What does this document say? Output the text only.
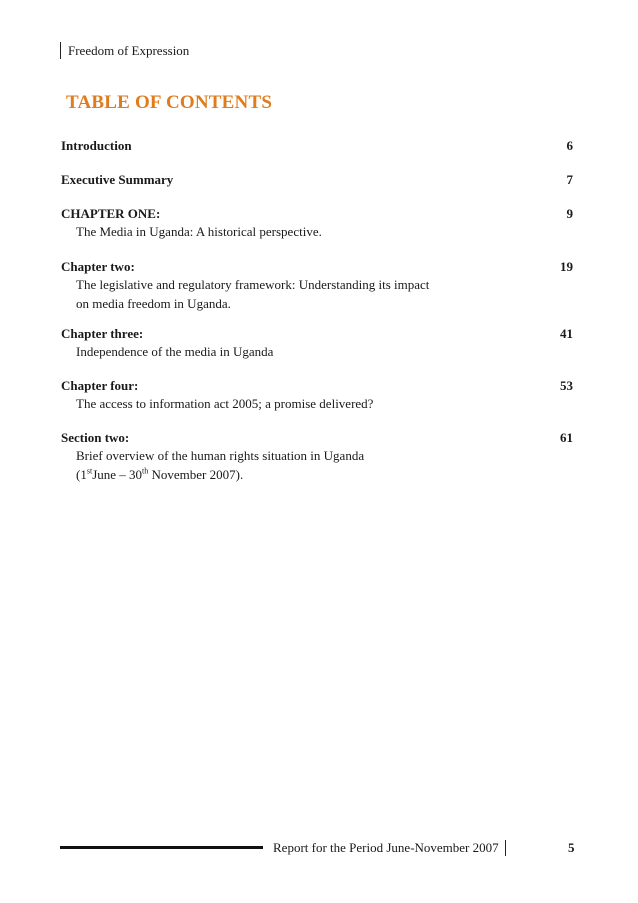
Freedom of Expression
TABLE OF CONTENTS
Introduction	6
Executive Summary	7
CHAPTER ONE:	9
The Media in Uganda: A historical perspective.
Chapter two:	19
The legislative and regulatory framework: Understanding its impact
on media freedom in Uganda.
Chapter three:	41
Independence of the media in Uganda
Chapter four:	53
The access to information act 2005; a promise delivered?
Section two:	61
Brief overview of the human rights situation in Uganda
(1stJune – 30th November 2007).
Report for the Period June-November 2007	5
